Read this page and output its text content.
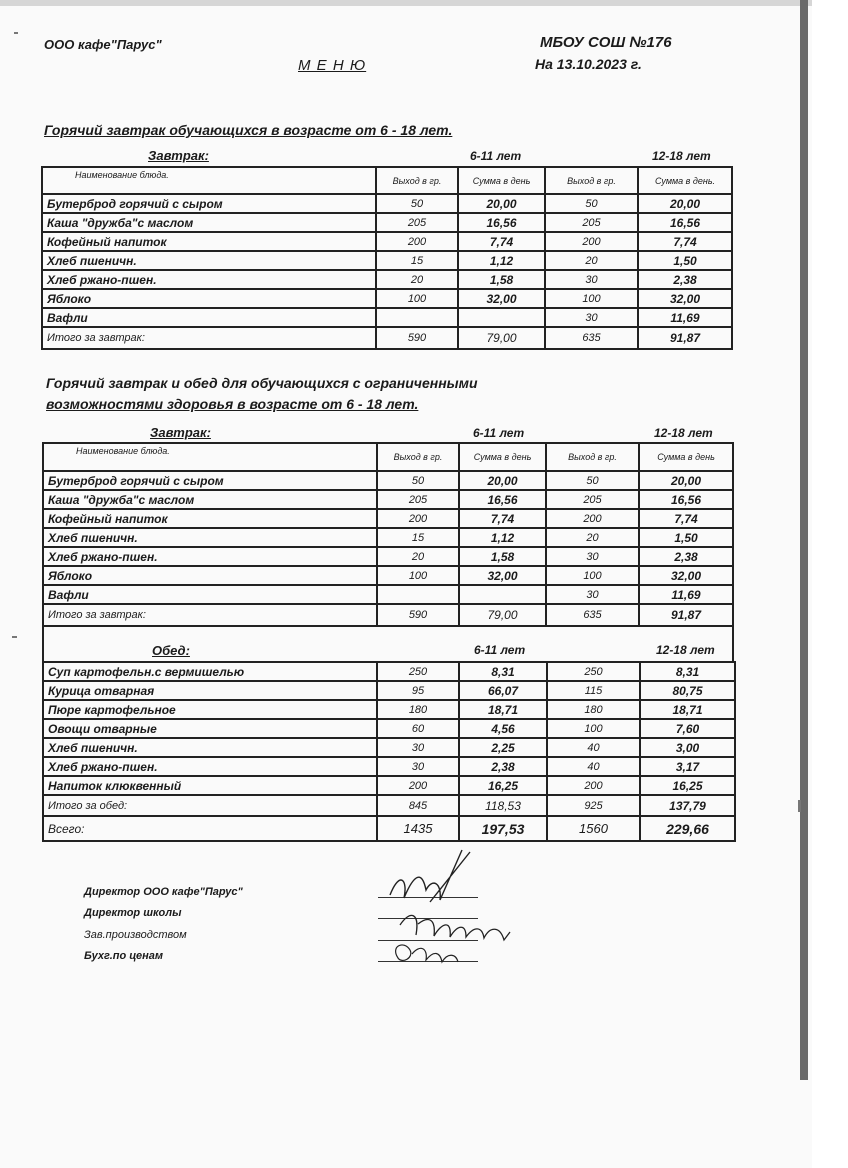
ООО кафе"Парус"	МБОУ СОШ №176
М Е Н Ю	На 13.10.2023 г.
Горячий завтрак обучающихся в возрасте от 6 - 18 лет.
Завтрак:	6-11 лет	12-18 лет
Наименование блюда.	Выход в гр.	Сумма в день	Выход в гр.	Сумма в день.
Бутерброд горячий с сыром	50	20,00	50	20,00
Каша "дружба"с маслом	205	16,56	205	16,56
Кофейный напиток	200	7,74	200	7,74
Хлеб пшеничн.	15	1,12	20	1,50
Хлеб ржано-пшен.	20	1,58	30	2,38
Яблоко	100	32,00	100	32,00
Вафли			30	11,69
Итого за завтрак:	590	79,00	635	91,87
Горячий завтрак и обед для обучающихся с ограниченными
возможностями здоровья в возрасте от 6 - 18 лет.
Завтрак:	6-11 лет	12-18 лет
Наименование блюда.	Выход в гр.	Сумма в день	Выход в гр.	Сумма в день
Бутерброд горячий с сыром	50	20,00	50	20,00
Каша "дружба"с маслом	205	16,56	205	16,56
Кофейный напиток	200	7,74	200	7,74
Хлеб пшеничн.	15	1,12	20	1,50
Хлеб ржано-пшен.	20	1,58	30	2,38
Яблоко	100	32,00	100	32,00
Вафли			30	11,69
Итого за завтрак:	590	79,00	635	91,87
Обед:	6-11 лет	12-18 лет
Суп картофельн.с вермишелью	250	8,31	250	8,31
Курица отварная	95	66,07	115	80,75
Пюре картофельное	180	18,71	180	18,71
Овощи отварные	60	4,56	100	7,60
Хлеб пшеничн.	30	2,25	40	3,00
Хлеб ржано-пшен.	30	2,38	40	3,17
Напиток клюквенный	200	16,25	200	16,25
Итого за обед:	845	118,53	925	137,79
Всего:	1435	197,53	1560	229,66
Директор ООО кафе"Парус"
Директор школы
Зав.производством
Бухг.по ценам
